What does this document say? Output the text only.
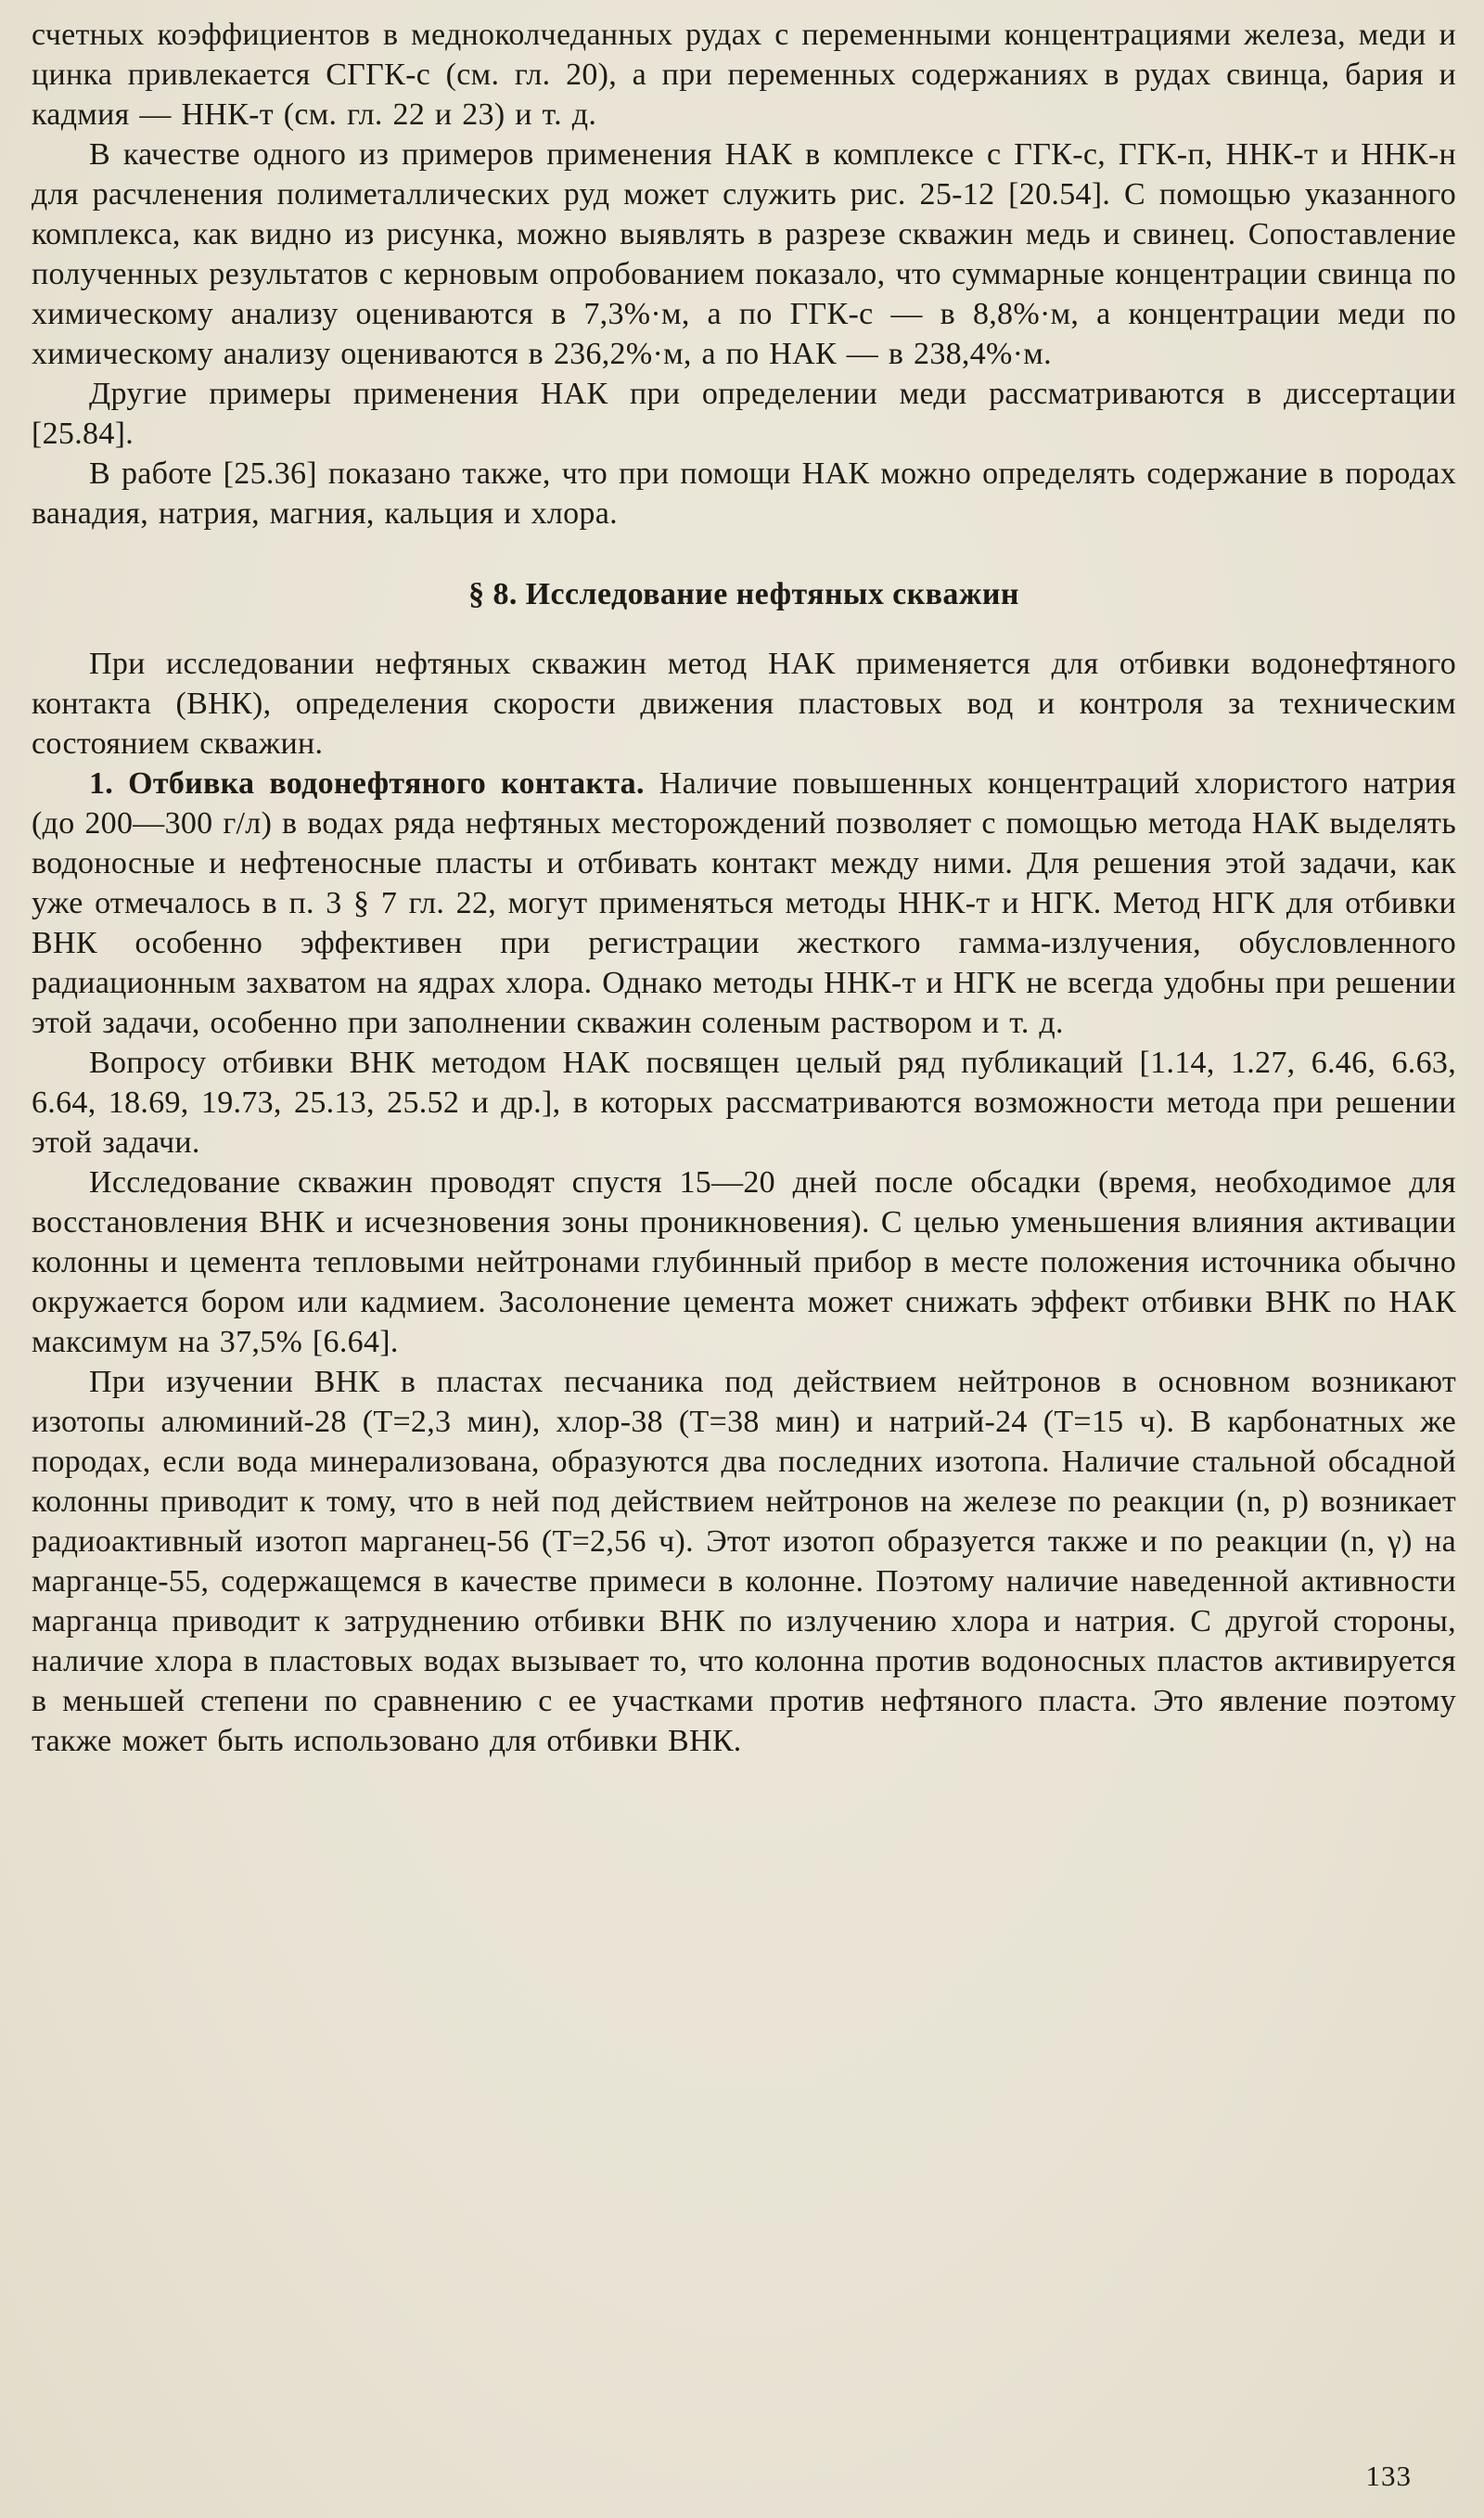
счетных коэффициентов в медноколчеданных рудах с переменными концентрациями железа, меди и цинка привлекается СГГК-с (см. гл. 20), а при переменных содержаниях в рудах свинца, бария и кадмия — ННК-т (см. гл. 22 и 23) и т. д.

В качестве одного из примеров применения НАК в комплексе с ГГК-с, ГГК-п, ННК-т и ННК-н для расчленения полиметаллических руд может служить рис. 25-12 [20.54]. С помощью указанного комплекса, как видно из рисунка, можно выявлять в разрезе скважин медь и свинец. Сопоставление полученных результатов с керновым опробованием показало, что суммарные концентрации свинца по химическому анализу оцениваются в 7,3%·м, а по ГГК-с — в 8,8%·м, а концентрации меди по химическому анализу оцениваются в 236,2%·м, а по НАК — в 238,4%·м.

Другие примеры применения НАК при определении меди рассматриваются в диссертации [25.84].

В работе [25.36] показано также, что при помощи НАК можно определять содержание в породах ванадия, натрия, магния, кальция и хлора.

§ 8. Исследование нефтяных скважин

При исследовании нефтяных скважин метод НАК применяется для отбивки водонефтяного контакта (ВНК), определения скорости движения пластовых вод и контроля за техническим состоянием скважин.

1. Отбивка водонефтяного контакта. Наличие повышенных концентраций хлористого натрия (до 200—300 г/л) в водах ряда нефтяных месторождений позволяет с помощью метода НАК выделять водоносные и нефтеносные пласты и отбивать контакт между ними. Для решения этой задачи, как уже отмечалось в п. 3 § 7 гл. 22, могут применяться методы ННК-т и НГК. Метод НГК для отбивки ВНК особенно эффективен при регистрации жесткого гамма-излучения, обусловленного радиационным захватом на ядрах хлора. Однако методы ННК-т и НГК не всегда удобны при решении этой задачи, особенно при заполнении скважин соленым раствором и т. д.

Вопросу отбивки ВНК методом НАК посвящен целый ряд публикаций [1.14, 1.27, 6.46, 6.63, 6.64, 18.69, 19.73, 25.13, 25.52 и др.], в которых рассматриваются возможности метода при решении этой задачи.

Исследование скважин проводят спустя 15—20 дней после обсадки (время, необходимое для восстановления ВНК и исчезновения зоны проникновения). С целью уменьшения влияния активации колонны и цемента тепловыми нейтронами глубинный прибор в месте положения источника обычно окружается бором или кадмием. Засолонение цемента может снижать эффект отбивки ВНК по НАК максимум на 37,5% [6.64].

При изучении ВНК в пластах песчаника под действием нейтронов в основном возникают изотопы алюминий-28 (T=2,3 мин), хлор-38 (T=38 мин) и натрий-24 (T=15 ч). В карбонатных же породах, если вода минерализована, образуются два последних изотопа. Наличие стальной обсадной колонны приводит к тому, что в ней под действием нейтронов на железе по реакции (n, p) возникает радиоактивный изотоп марганец-56 (T=2,56 ч). Этот изотоп образуется также и по реакции (n, γ) на марганце-55, содержащемся в качестве примеси в колонне. Поэтому наличие наведенной активности марганца приводит к затруднению отбивки ВНК по излучению хлора и натрия. С другой стороны, наличие хлора в пластовых водах вызывает то, что колонна против водоносных пластов активируется в меньшей степени по сравнению с ее участками против нефтяного пласта. Это явление поэтому также может быть использовано для отбивки ВНК.

133
